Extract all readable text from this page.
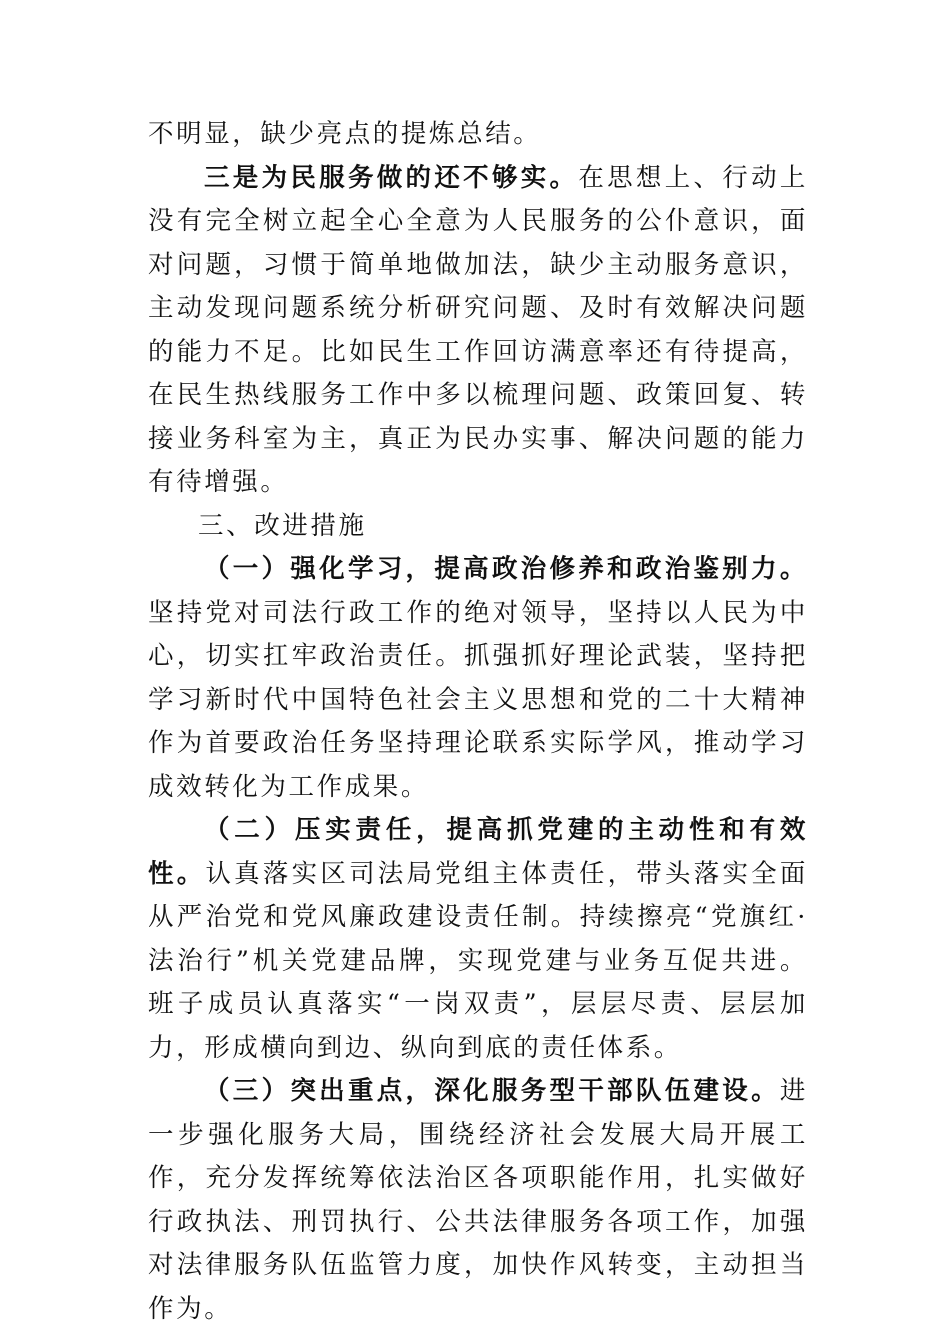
不明显，缺少亮点的提炼总结。

三是为民服务做的还不够实。在思想上、行动上没有完全树立起全心全意为人民服务的公仆意识，面对问题，习惯于简单地做加法，缺少主动服务意识，主动发现问题系统分析研究问题、及时有效解决问题的能力不足。比如民生工作回访满意率还有待提高，在民生热线服务工作中多以梳理问题、政策回复、转接业务科室为主，真正为民办实事、解决问题的能力有待增强。

三、改进措施

（一）强化学习，提高政治修养和政治鉴别力。坚持党对司法行政工作的绝对领导，坚持以人民为中心，切实扛牢政治责任。抓强抓好理论武装，坚持把学习新时代中国特色社会主义思想和党的二十大精神作为首要政治任务坚持理论联系实际学风，推动学习成效转化为工作成果。

（二）压实责任，提高抓党建的主动性和有效性。认真落实区司法局党组主体责任，带头落实全面从严治党和党风廉政建设责任制。持续擦亮“党旗红·法治行”机关党建品牌，实现党建与业务互促共进。班子成员认真落实“一岗双责”，层层尽责、层层加力，形成横向到边、纵向到底的责任体系。

（三）突出重点，深化服务型干部队伍建设。进一步强化服务大局，围绕经济社会发展大局开展工作，充分发挥统筹依法治区各项职能作用，扎实做好行政执法、刑罚执行、公共法律服务各项工作，加强对法律服务队伍监管力度，加快作风转变，主动担当作为。
